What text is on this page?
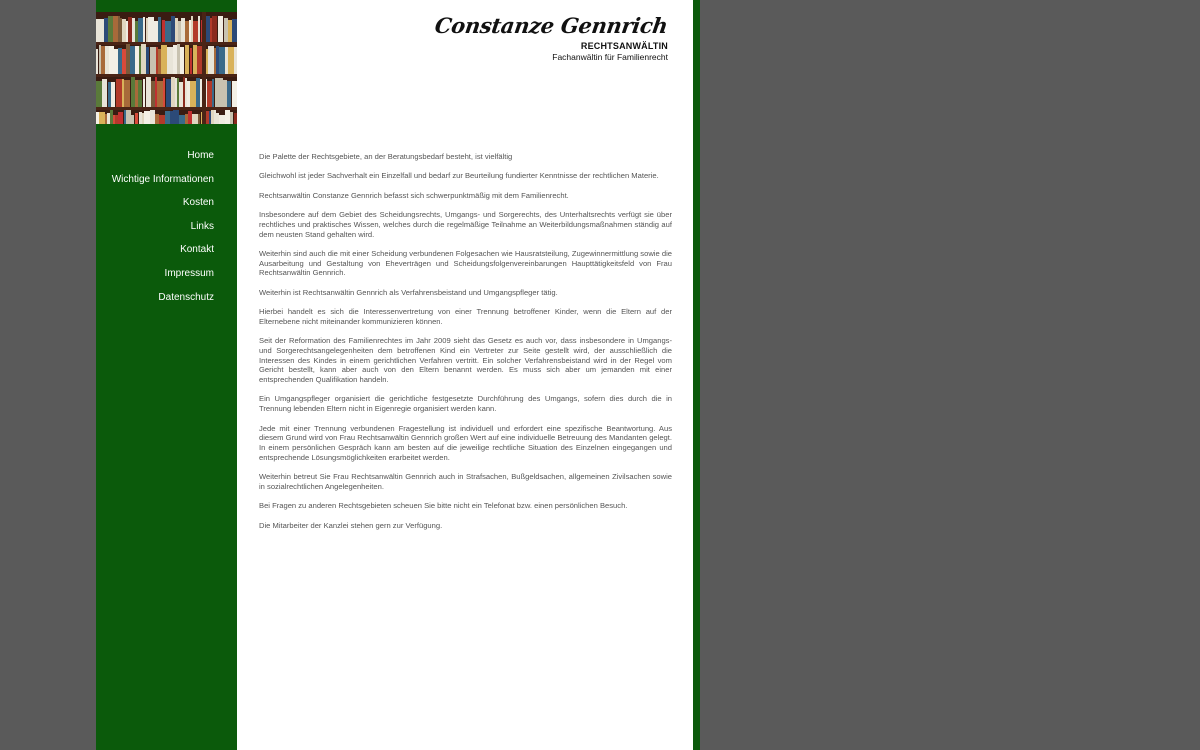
Home
Wichtige Informationen
Kosten
Links
Kontakt
Impressum
Datenschutz
Constanze Gennrich
RECHTSANWÄLTIN
Fachanwältin für Familienrecht

Die Palette der Rechtsgebiete, an der Beratungsbedarf besteht, ist vielfältig

Gleichwohl ist jeder Sachverhalt ein Einzelfall und bedarf zur Beurteilung fundierter Kenntnisse der rechtlichen Materie.

Rechtsanwältin Constanze Gennrich befasst sich schwerpunktmäßig mit dem Familienrecht.

Insbesondere auf dem Gebiet des Scheidungsrechts, Umgangs- und Sorgerechts, des Unterhaltsrechts verfügt sie über rechtliches und praktisches Wissen, welches durch die regelmäßige Teilnahme an Weiterbildungsmaßnahmen ständig auf dem neusten Stand gehalten wird.

Weiterhin sind auch die mit einer Scheidung verbundenen Folgesachen wie Hausratsteilung, Zugewinnermittlung sowie die Ausarbeitung und Gestaltung von Eheverträgen und Scheidungsfolgenvereinbarungen Haupttätigkeitsfeld von Frau Rechtsanwältin Gennrich.

Weiterhin ist Rechtsanwältin Gennrich als Verfahrensbeistand und Umgangspfleger tätig.

Hierbei handelt es sich die Interessenvertretung von einer Trennung betroffener Kinder, wenn die Eltern auf der Elternebene nicht miteinander kommunizieren können.

Seit der Reformation des Familienrechtes im Jahr 2009 sieht das Gesetz es auch vor, dass insbesondere in Umgangs- und Sorgerechtsangelegenheiten dem betroffenen Kind ein Vertreter zur Seite gestellt wird, der ausschließlich die Interessen des Kindes in einem gerichtlichen Verfahren vertritt. Ein solcher Verfahrensbeistand wird in der Regel vom Gericht bestellt, kann aber auch von den Eltern benannt werden. Es muss sich aber um jemanden mit einer entsprechenden Qualifikation handeln.

Ein Umgangspfleger organisiert die gerichtliche festgesetzte Durchführung des Umgangs, sofern dies durch die in Trennung lebenden Eltern nicht in Eigenregie organisiert werden kann.

Jede mit einer Trennung verbundenen Fragestellung ist individuell und erfordert eine spezifische Beantwortung. Aus diesem Grund wird von Frau Rechtsanwältin Gennrich großen Wert auf eine individuelle Betreuung des Mandanten gelegt. In einem persönlichen Gespräch kann am besten auf die jeweilige rechtliche Situation des Einzelnen eingegangen und entsprechende Lösungsmöglichkeiten erarbeitet werden.

Weiterhin betreut Sie Frau Rechtsanwältin Gennrich auch in Strafsachen, Bußgeldsachen, allgemeinen Zivilsachen sowie in sozialrechtlichen Angelegenheiten.

Bei Fragen zu anderen Rechtsgebieten scheuen Sie bitte nicht ein Telefonat bzw. einen persönlichen Besuch.

Die Mitarbeiter der Kanzlei stehen gern zur Verfügung.
